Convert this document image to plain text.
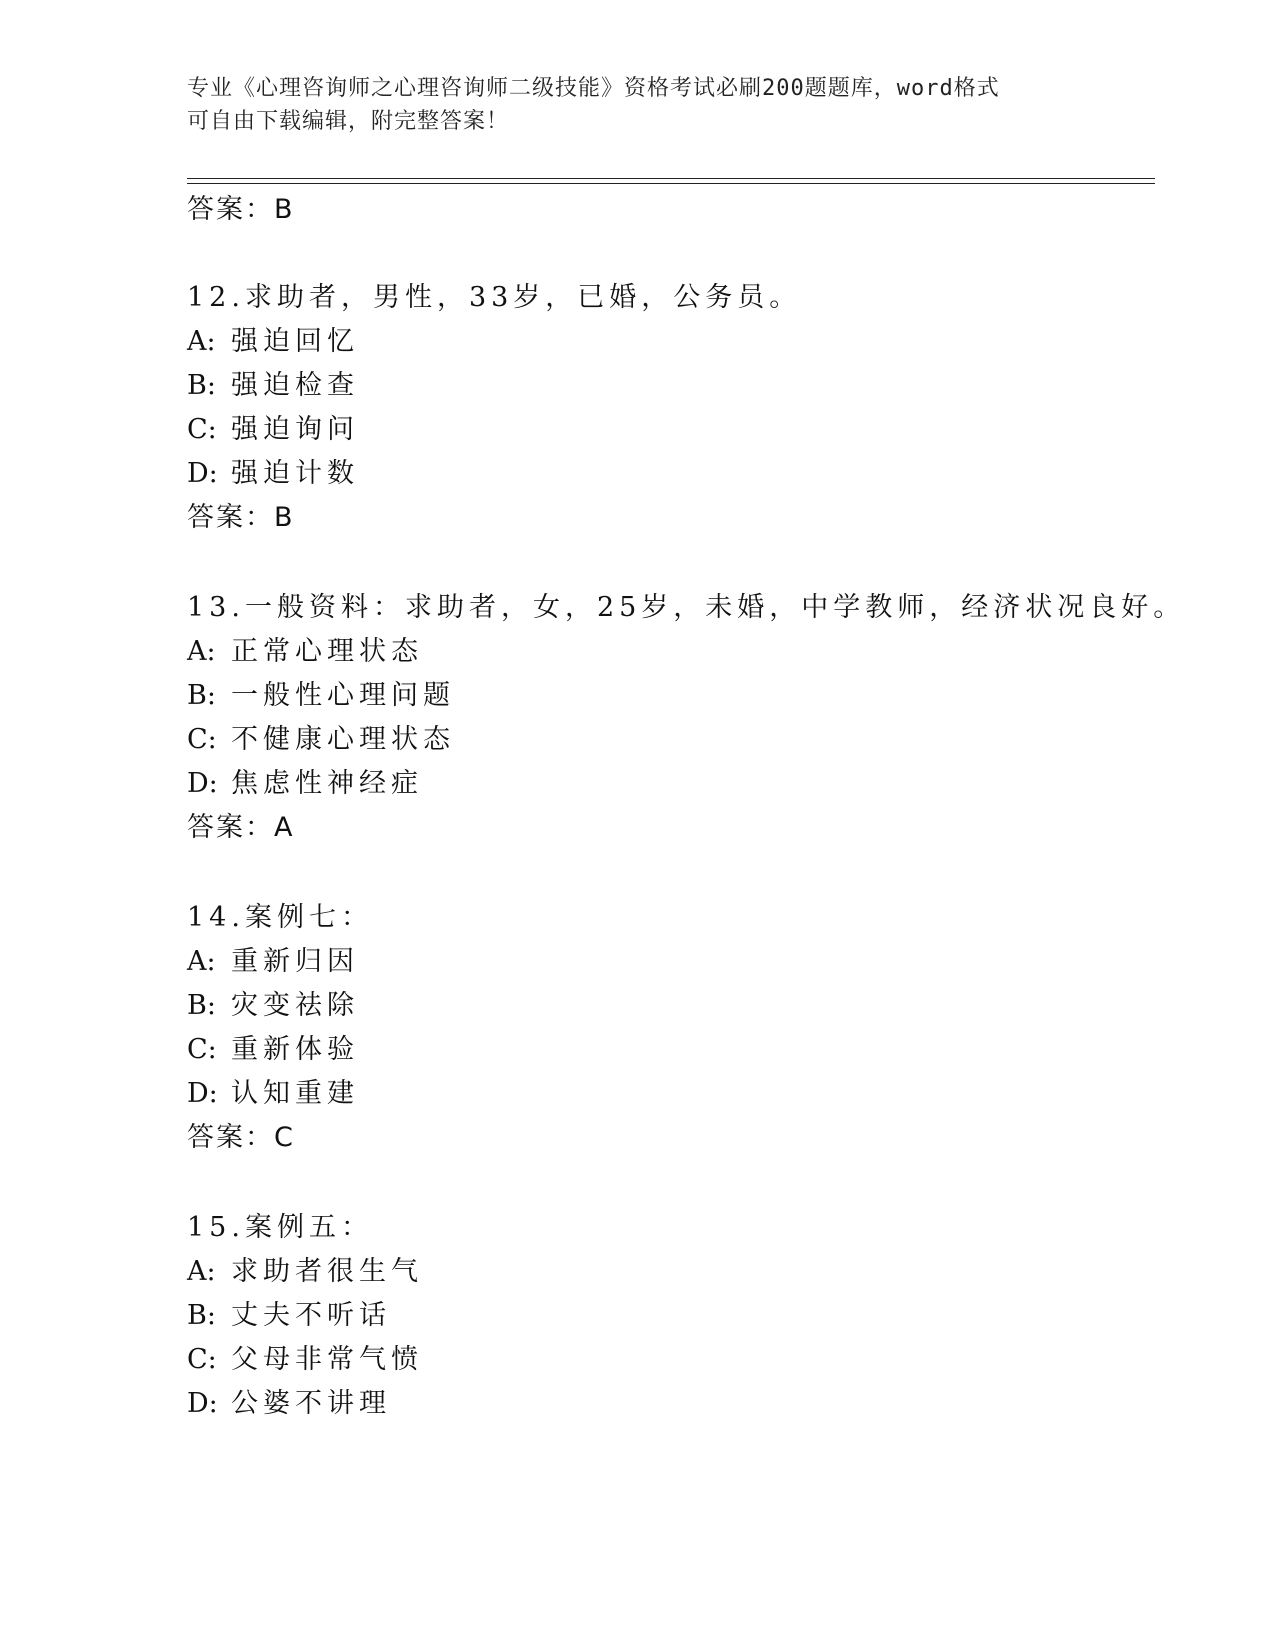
专业《心理咨询师之心理咨询师二级技能》资格考试必刷200题题库，word格式
可自由下载编辑，附完整答案！
答案：B
12.求助者，男性，33岁，已婚，公务员。
A: 强迫回忆
B: 强迫检查
C: 强迫询问
D: 强迫计数
答案：B
13.一般资料：求助者，女，25岁，未婚，中学教师，经济状况良好。
A: 正常心理状态
B: 一般性心理问题
C: 不健康心理状态
D: 焦虑性神经症
答案：A
14.案例七：
A: 重新归因
B: 灾变祛除
C: 重新体验
D: 认知重建
答案：C
15.案例五：
A: 求助者很生气
B: 丈夫不听话
C: 父母非常气愤
D: 公婆不讲理
